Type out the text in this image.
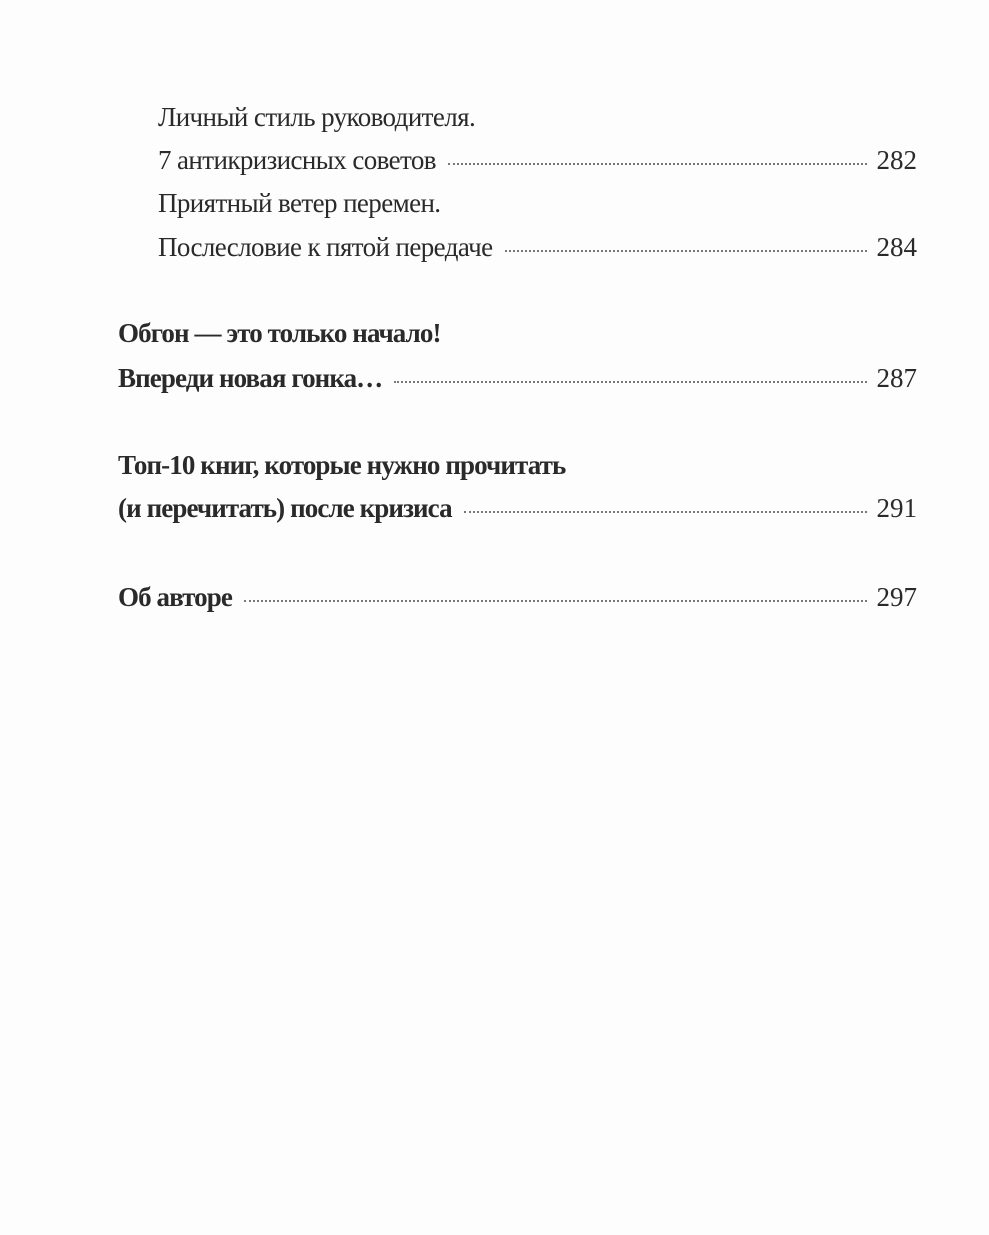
Личный стиль руководителя.
7 антикризисных советов	282
Приятный ветер перемен.
Послесловие к пятой передаче	284
Обгон — это только начало!
Впереди новая гонка…	287
Топ-10 книг, которые нужно прочитать
(и перечитать) после кризиса	291
Об авторе	297
